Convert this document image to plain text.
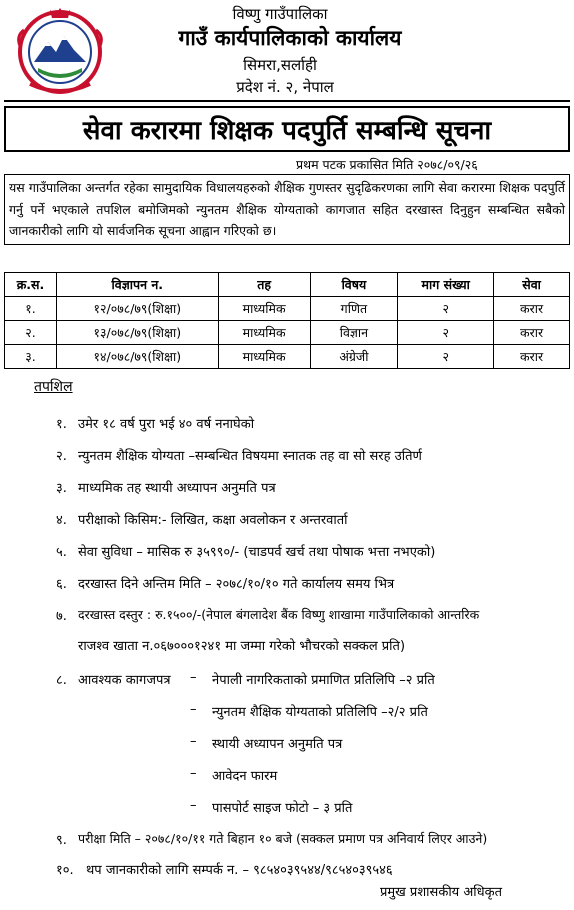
विष्णु गाउँपालिका
गाउँ कार्यपालिकाको कार्यालय
सिमरा,सर्लाही
प्रदेश नं. २, नेपाल
सेवा करारमा शिक्षक पदपुर्ति सम्बन्धि सूचना
प्रथम पटक प्रकासित मिति २०७८/०९/२६
यस गाउँपालिका अन्तर्गत रहेका सामुदायिक विधालयहरुको शैक्षिक गुणस्तर सुदृढिकरणका लागि सेवा करारमा शिक्षक पदपुर्ति गर्नु पर्ने भएकाले तपशिल बमोजिमको न्युनतम शैक्षिक योग्यताको कागजात सहित दरखास्त दिनुहुन सम्बन्धित सबैको जानकारीको लागि यो सार्वजनिक सूचना आह्वान गरिएको छ।
क्र.स.	विज्ञापन न.	तह	विषय	माग संख्या	सेवा
१.	१२/०७८/७९(शिक्षा)	माध्यमिक	गणित	२	करार
२.	१३/०७८/७९(शिक्षा)	माध्यमिक	विज्ञान	२	करार
३.	१४/०७८/७९(शिक्षा)	माध्यमिक	अंग्रेजी	२	करार
तपशिल
१. उमेर १८ वर्ष पुरा भई ४० वर्ष ननाघेको
२. न्युनतम शैक्षिक योग्यता –सम्बन्धित विषयमा स्नातक तह वा सो सरह उतिर्ण
३. माध्यमिक तह स्थायी अध्यापन अनुमति पत्र
४. परीक्षाको किसिम:- लिखित, कक्षा अवलोकन र अन्तरवार्ता
५. सेवा सुविधा – मासिक रु ३५९९०/- (चाडपर्व खर्च तथा पोषाक भत्ता नभएको)
६. दरखास्त दिने अन्तिम मिति – २०७८/१०/१० गते कार्यालय समय भित्र
७. दरखास्त दस्तुर : रु.१५००/-(नेपाल बंगलादेश बैंक विष्णु शाखामा गाउँपालिकाको आन्तरिक
राजश्व खाता न.०६७०००१२४१ मा जम्मा गरेको भौचरको सक्कल प्रति)
८. आवश्यक कागजपत्र – नेपाली नागरिकताको प्रमाणित प्रतिलिपि –२ प्रति
– न्युनतम शैक्षिक योग्यताको प्रतिलिपि –२/२ प्रति
– स्थायी अध्यापन अनुमति पत्र
– आवेदन फारम
– पासपोर्ट साइज फोटो – ३ प्रति
९. परीक्षा मिति – २०७८/१०/११ गते बिहान १० बजे (सक्कल प्रमाण पत्र अनिवार्य लिएर आउने)
१०. थप जानकारीको लागि सम्पर्क न. – ९८५४०३९५४४/९८५४०३९५४६
प्रमुख प्रशासकीय अधिकृत
